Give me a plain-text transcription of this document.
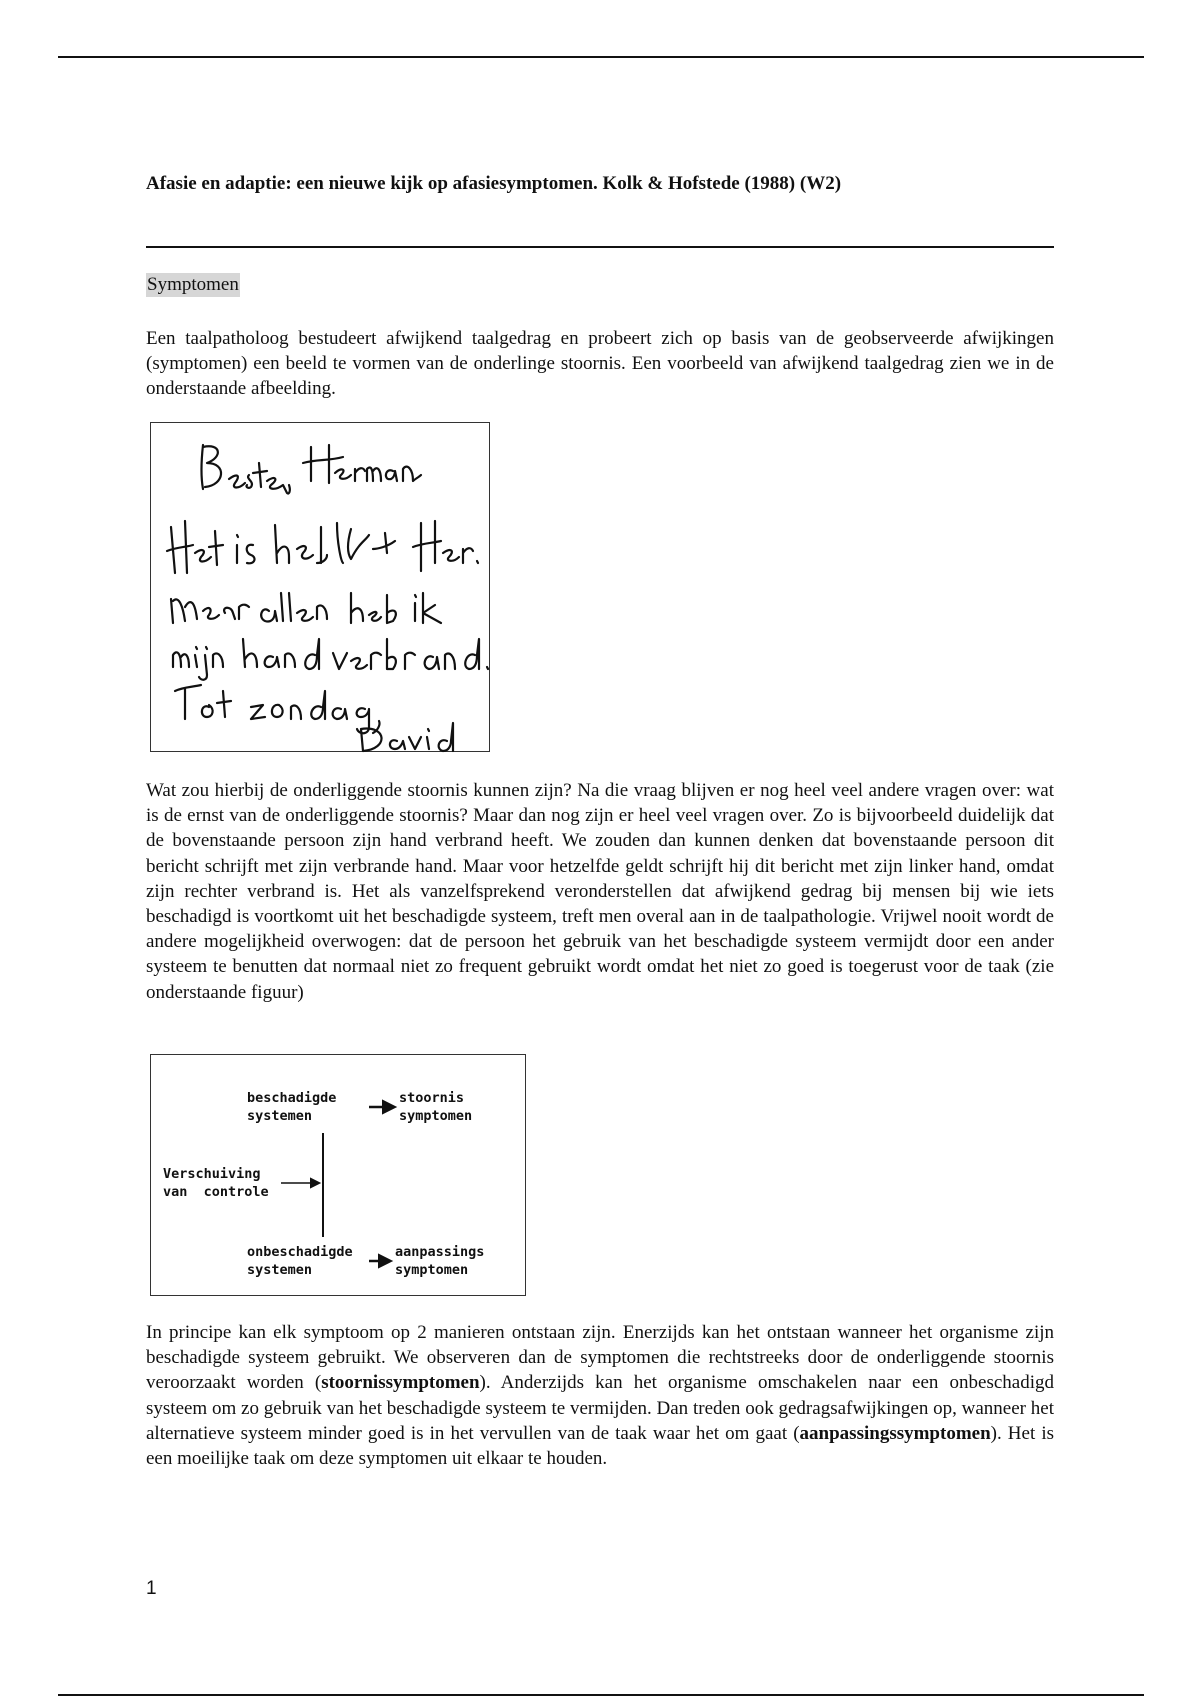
Afasie en adaptie: een nieuwe kijk op afasiesymptomen. Kolk & Hofstede (1988) (W2)
Symptomen

Een taalpatholoog bestudeert afwijkend taalgedrag en probeert zich op basis van de geobserveerde afwijkingen (symptomen) een beeld te vormen van de onderlinge stoornis. Een voorbeeld van afwijkend taalgedrag zien we in de onderstaande afbeelding.

Wat zou hierbij de onderliggende stoornis kunnen zijn? Na die vraag blijven er nog heel veel andere vragen over: wat is de ernst van de onderliggende stoornis? Maar dan nog zijn er heel veel vragen over. Zo is bijvoorbeeld duidelijk dat de bovenstaande persoon zijn hand verbrand heeft. We zouden dan kunnen denken dat bovenstaande persoon dit bericht schrijft met zijn verbrande hand. Maar voor hetzelfde geldt schrijft hij dit bericht met zijn linker hand, omdat zijn rechter verbrand is. Het als vanzelfsprekend veronderstellen dat afwijkend gedrag bij mensen bij wie iets beschadigd is voortkomt uit het beschadigde systeem, treft men overal aan in de taalpathologie. Vrijwel nooit wordt de andere mogelijkheid overwogen: dat de persoon het gebruik van het beschadigde systeem vermijdt door een ander systeem te benutten dat normaal niet zo frequent gebruikt wordt omdat het niet zo goed is toegerust voor de taak (zie onderstaande figuur)

beschadigde
systemen
stoornis
symptomen
Verschuiving
van  controle
onbeschadigde
systemen
aanpassings
symptomen

In principe kan elk symptoom op 2 manieren ontstaan zijn. Enerzijds kan het ontstaan wanneer het organisme zijn beschadigde systeem gebruikt. We observeren dan de symptomen die rechtstreeks door de onderliggende stoornis veroorzaakt worden (stoornissymptomen). Anderzijds kan het organisme omschakelen naar een onbeschadigd systeem om zo gebruik van het beschadigde systeem te vermijden. Dan treden ook gedragsafwijkingen op, wanneer het alternatieve systeem minder goed is in het vervullen van de taak waar het om gaat (aanpassingssymptomen). Het is een moeilijke taak om deze symptomen uit elkaar te houden.

1
